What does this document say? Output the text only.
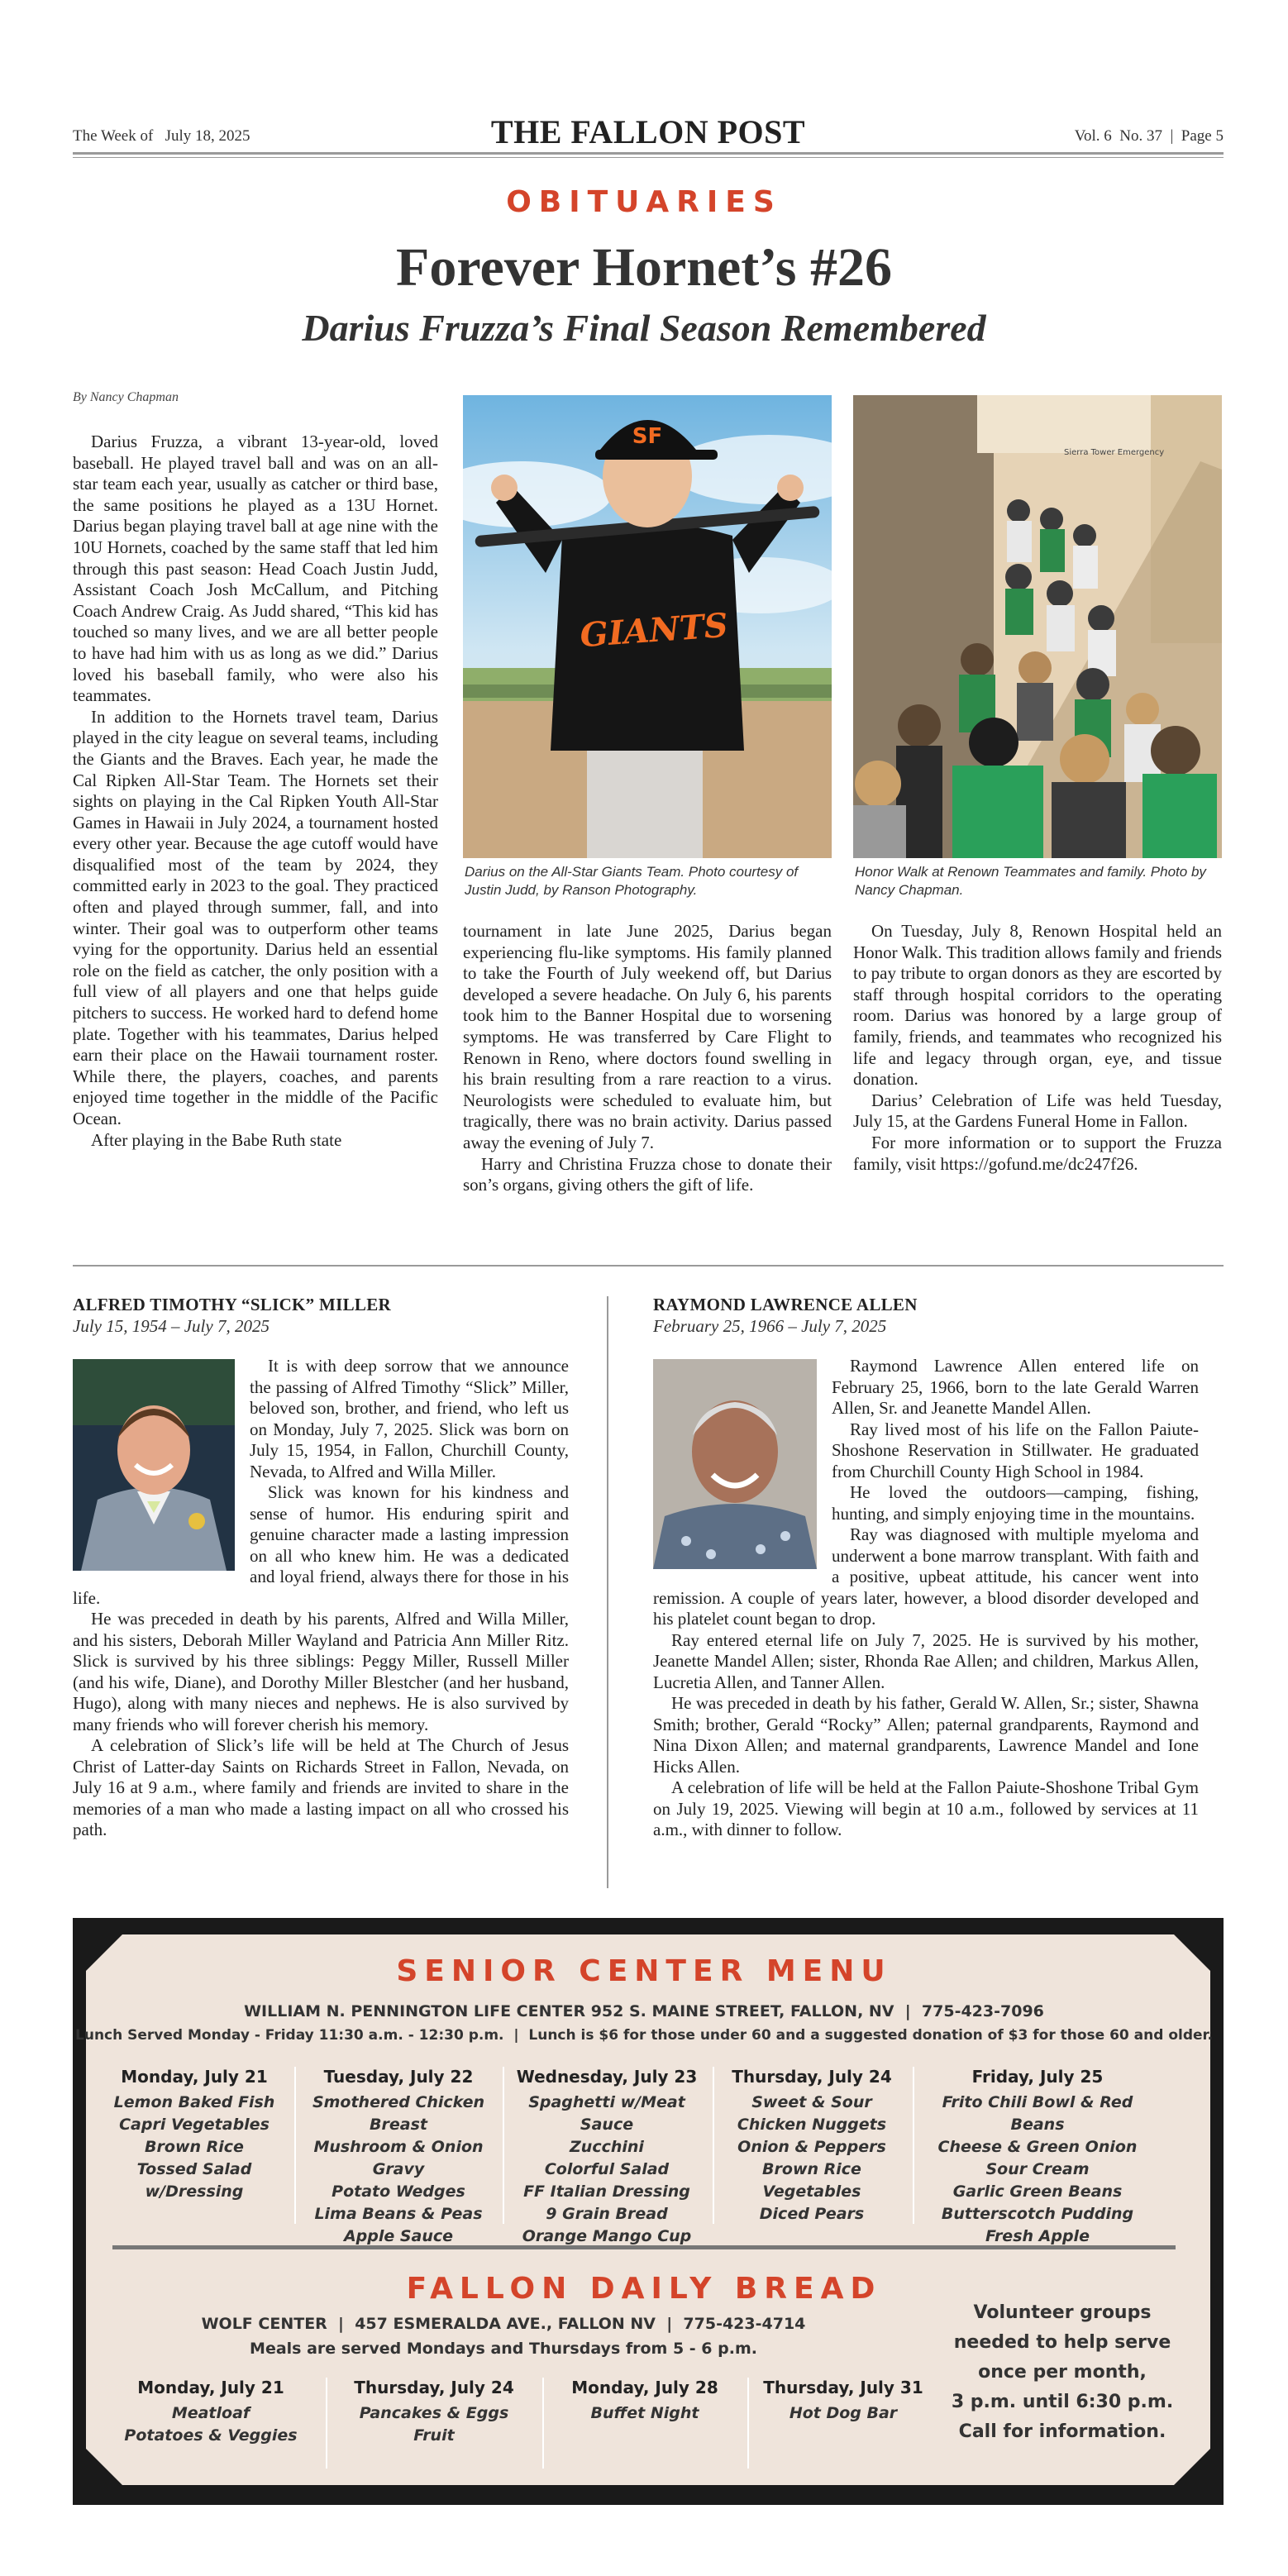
The Week of July 18, 2025	THE FALLON POST	Vol. 6  No. 37  |  Page 5
OBITUARIES
Forever Hornet’s #26
Darius Fruzza’s Final Season Remembered
By Nancy Chapman

Darius Fruzza, a vibrant 13-year-old, loved baseball. He played travel ball and was on an all-star team each year, usually as catcher or third base, the same positions he played as a 13U Hornet. Darius began playing travel ball at age nine with the 10U Hornets, coached by the same staff that led him through this past season: Head Coach Justin Judd, Assistant Coach Josh McCallum, and Pitching Coach Andrew Craig. As Judd shared, “This kid has touched so many lives, and we are all better people to have had him with us as long as we did.” Darius loved his baseball family, who were also his teammates.

In addition to the Hornets travel team, Darius played in the city league on several teams, including the Giants and the Braves. Each year, he made the Cal Ripken All-Star Team. The Hornets set their sights on playing in the Cal Ripken Youth All-Star Games in Hawaii in July 2024, a tournament hosted every other year. Because the age cutoff would have disqualified most of the team by 2024, they committed early in 2023 to the goal. They practiced often and played through summer, fall, and into winter. Their goal was to outperform other teams vying for the opportunity. Darius held an essential role on the field as catcher, the only position with a full view of all players and one that helps guide pitchers to success. He worked hard to defend home plate. Together with his teammates, Darius helped earn their place on the Hawaii tournament roster. While there, the players, coaches, and parents enjoyed time together in the middle of the Pacific Ocean.

After playing in the Babe Ruth state

SF
GIANTS
Darius on the All-Star Giants Team. Photo courtesy of Justin Judd, by Ranson Photography.
Sierra Tower Emergency
Honor Walk at Renown Teammates and family. Photo by Nancy Chapman.

tournament in late June 2025, Darius began experiencing flu-like symptoms. His family planned to take the Fourth of July weekend off, but Darius developed a severe headache. On July 6, his parents took him to the Banner Hospital due to worsening symptoms. He was transferred by Care Flight to Renown in Reno, where doctors found swelling in his brain resulting from a rare reaction to a virus. Neurologists were scheduled to evaluate him, but tragically, there was no brain activity. Darius passed away the evening of July 7.

Harry and Christina Fruzza chose to donate their son’s organs, giving others the gift of life.

On Tuesday, July 8, Renown Hospital held an Honor Walk. This tradition allows family and friends to pay tribute to organ donors as they are escorted by staff through hospital corridors to the operating room. Darius was honored by a large group of family, friends, and teammates who recognized his life and legacy through organ, eye, and tissue donation.

Darius’ Celebration of Life was held Tuesday, July 15, at the Gardens Funeral Home in Fallon.

For more information or to support the Fruzza family, visit https://gofund.me/dc247f26.

ALFRED TIMOTHY “SLICK” MILLER
July 15, 1954 – July 7, 2025

It is with deep sorrow that we announce the passing of Alfred Timothy “Slick” Miller, beloved son, brother, and friend, who left us on Monday, July 7, 2025. Slick was born on July 15, 1954, in Fallon, Churchill County, Nevada, to Alfred and Willa Miller.

Slick was known for his kindness and sense of humor. His enduring spirit and genuine character made a lasting impression on all who knew him. He was a dedicated and loyal friend, always there for those in his life.

He was preceded in death by his parents, Alfred and Willa Miller, and his sisters, Deborah Miller Wayland and Patricia Ann Miller Ritz. Slick is survived by his three siblings: Peggy Miller, Russell Miller (and his wife, Diane), and Dorothy Miller Blestcher (and her husband, Hugo), along with many nieces and nephews. He is also survived by many friends who will forever cherish his memory.

A celebration of Slick’s life will be held at The Church of Jesus Christ of Latter-day Saints on Richards Street in Fallon, Nevada, on July 16 at 9 a.m., where family and friends are invited to share in the memories of a man who made a lasting impact on all who crossed his path.

RAYMOND LAWRENCE ALLEN
February 25, 1966 – July 7, 2025

Raymond Lawrence Allen entered life on February 25, 1966, born to the late Gerald Warren Allen, Sr. and Jeanette Mandel Allen.

Ray lived most of his life on the Fallon Paiute-Shoshone Reservation in Stillwater. He graduated from Churchill County High School in 1984.

He loved the outdoors—camping, fishing, hunting, and simply enjoying time in the mountains.

Ray was diagnosed with multiple myeloma and underwent a bone marrow transplant. With faith and a positive, upbeat attitude, his cancer went into remission. A couple of years later, however, a blood disorder developed and his platelet count began to drop.

Ray entered eternal life on July 7, 2025. He is survived by his mother, Jeanette Mandel Allen; sister, Rhonda Rae Allen; and children, Markus Allen, Lucretia Allen, and Tanner Allen.

He was preceded in death by his father, Gerald W. Allen, Sr.; sister, Shawna Smith; brother, Gerald “Rocky” Allen; paternal grandparents, Raymond and Nina Dixon Allen; and maternal grandparents, Lawrence Mandel and Ione Hicks Allen.

A celebration of life will be held at the Fallon Paiute-Shoshone Tribal Gym on July 19, 2025. Viewing will begin at 10 a.m., followed by services at 11 a.m., with dinner to follow.

SENIOR CENTER MENU
WILLIAM N. PENNINGTON LIFE CENTER 952 S. MAINE STREET, FALLON, NV  |  775-423-7096
Lunch Served Monday - Friday 11:30 a.m. - 12:30 p.m.  |  Lunch is $6 for those under 60 and a suggested donation of $3 for those 60 and older.
Monday, July 21
Lemon Baked Fish
Capri Vegetables
Brown Rice
Tossed Salad w/Dressing
Tuesday, July 22
Smothered Chicken Breast
Mushroom & Onion Gravy
Potato Wedges
Lima Beans & Peas
Apple Sauce
Wednesday, July 23
Spaghetti w/Meat Sauce
Zucchini
Colorful Salad
FF Italian Dressing
9 Grain Bread
Orange Mango Cup
Thursday, July 24
Sweet & Sour
Chicken Nuggets
Onion & Peppers
Brown Rice
Vegetables
Diced Pears
Friday, July 25
Frito Chili Bowl & Red Beans
Cheese & Green Onion
Sour Cream
Garlic Green Beans
Butterscotch Pudding
Fresh Apple
FALLON DAILY BREAD
WOLF CENTER  |  457 ESMERALDA AVE., FALLON NV  |  775-423-4714
Meals are served Mondays and Thursdays from 5 - 6 p.m.
Monday, July 21
Meatloaf
Potatoes & Veggies
Thursday, July 24
Pancakes & Eggs
Fruit
Monday, July 28
Buffet Night
Thursday, July 31
Hot Dog Bar
Volunteer groups
needed to help serve
once per month,
3 p.m. until 6:30 p.m.
Call for information.
